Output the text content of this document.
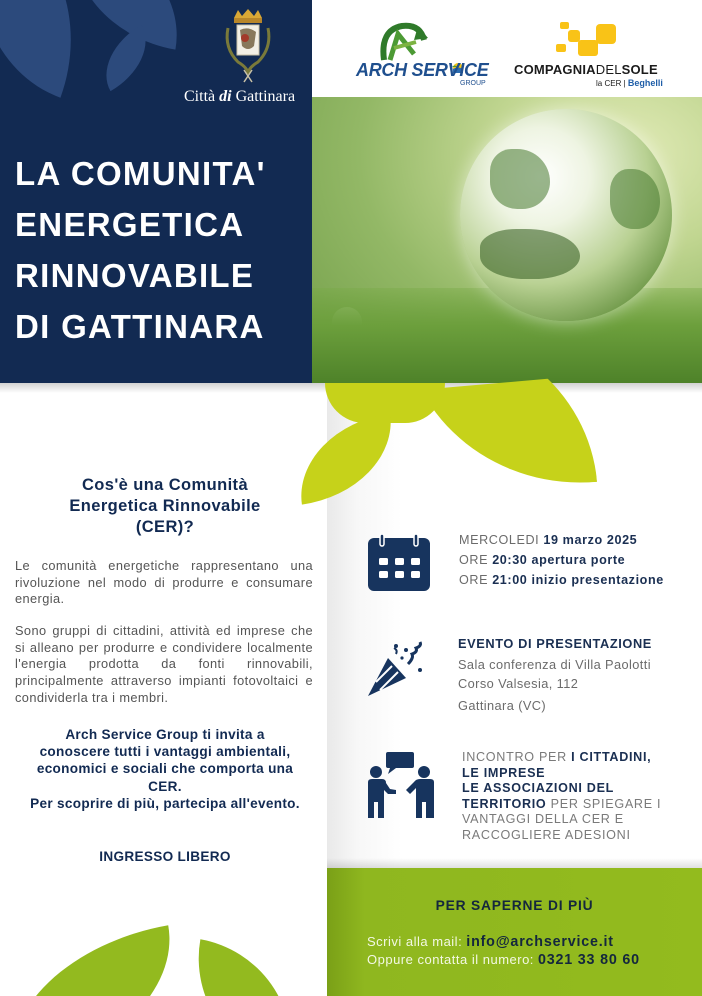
Città di Gattinara
LA COMUNITA'
ENERGETICA
RINNOVABILE
DI GATTINARA
ARCH SERVICE
GROUP
COMPAGNIADELSOLE
la CER | Beghelli
Cos'è una Comunità
Energetica Rinnovabile
(CER)?

Le comunità energetiche rappresentano una rivoluzione nel modo di produrre e consumare energia.

Sono gruppi di cittadini, attività ed imprese che si alleano per produrre e condividere localmente l'energia prodotta da fonti rinnovabili, principalmente attraverso impianti fotovoltaici e condividerla tra i membri.

Arch Service Group ti invita a
conoscere tutti i vantaggi ambientali,
economici e sociali che comporta una
CER.
Per scoprire di più, partecipa all'evento.
INGRESSO LIBERO
MERCOLEDI 19 marzo 2025
ORE 20:30 apertura porte
ORE 21:00 inizio presentazione
EVENTO DI PRESENTAZIONE
Sala conferenza di Villa Paolotti
Corso Valsesia, 112
Gattinara (VC)
INCONTRO PER I CITTADINI,
LE IMPRESE
LE ASSOCIAZIONI DEL
TERRITORIO PER SPIEGARE I VANTAGGI DELLA CER E RACCOGLIERE ADESIONI
PER SAPERNE DI PIÙ
Scrivi alla mail: info@archservice.it
Oppure contatta il numero: 0321 33 80 60
